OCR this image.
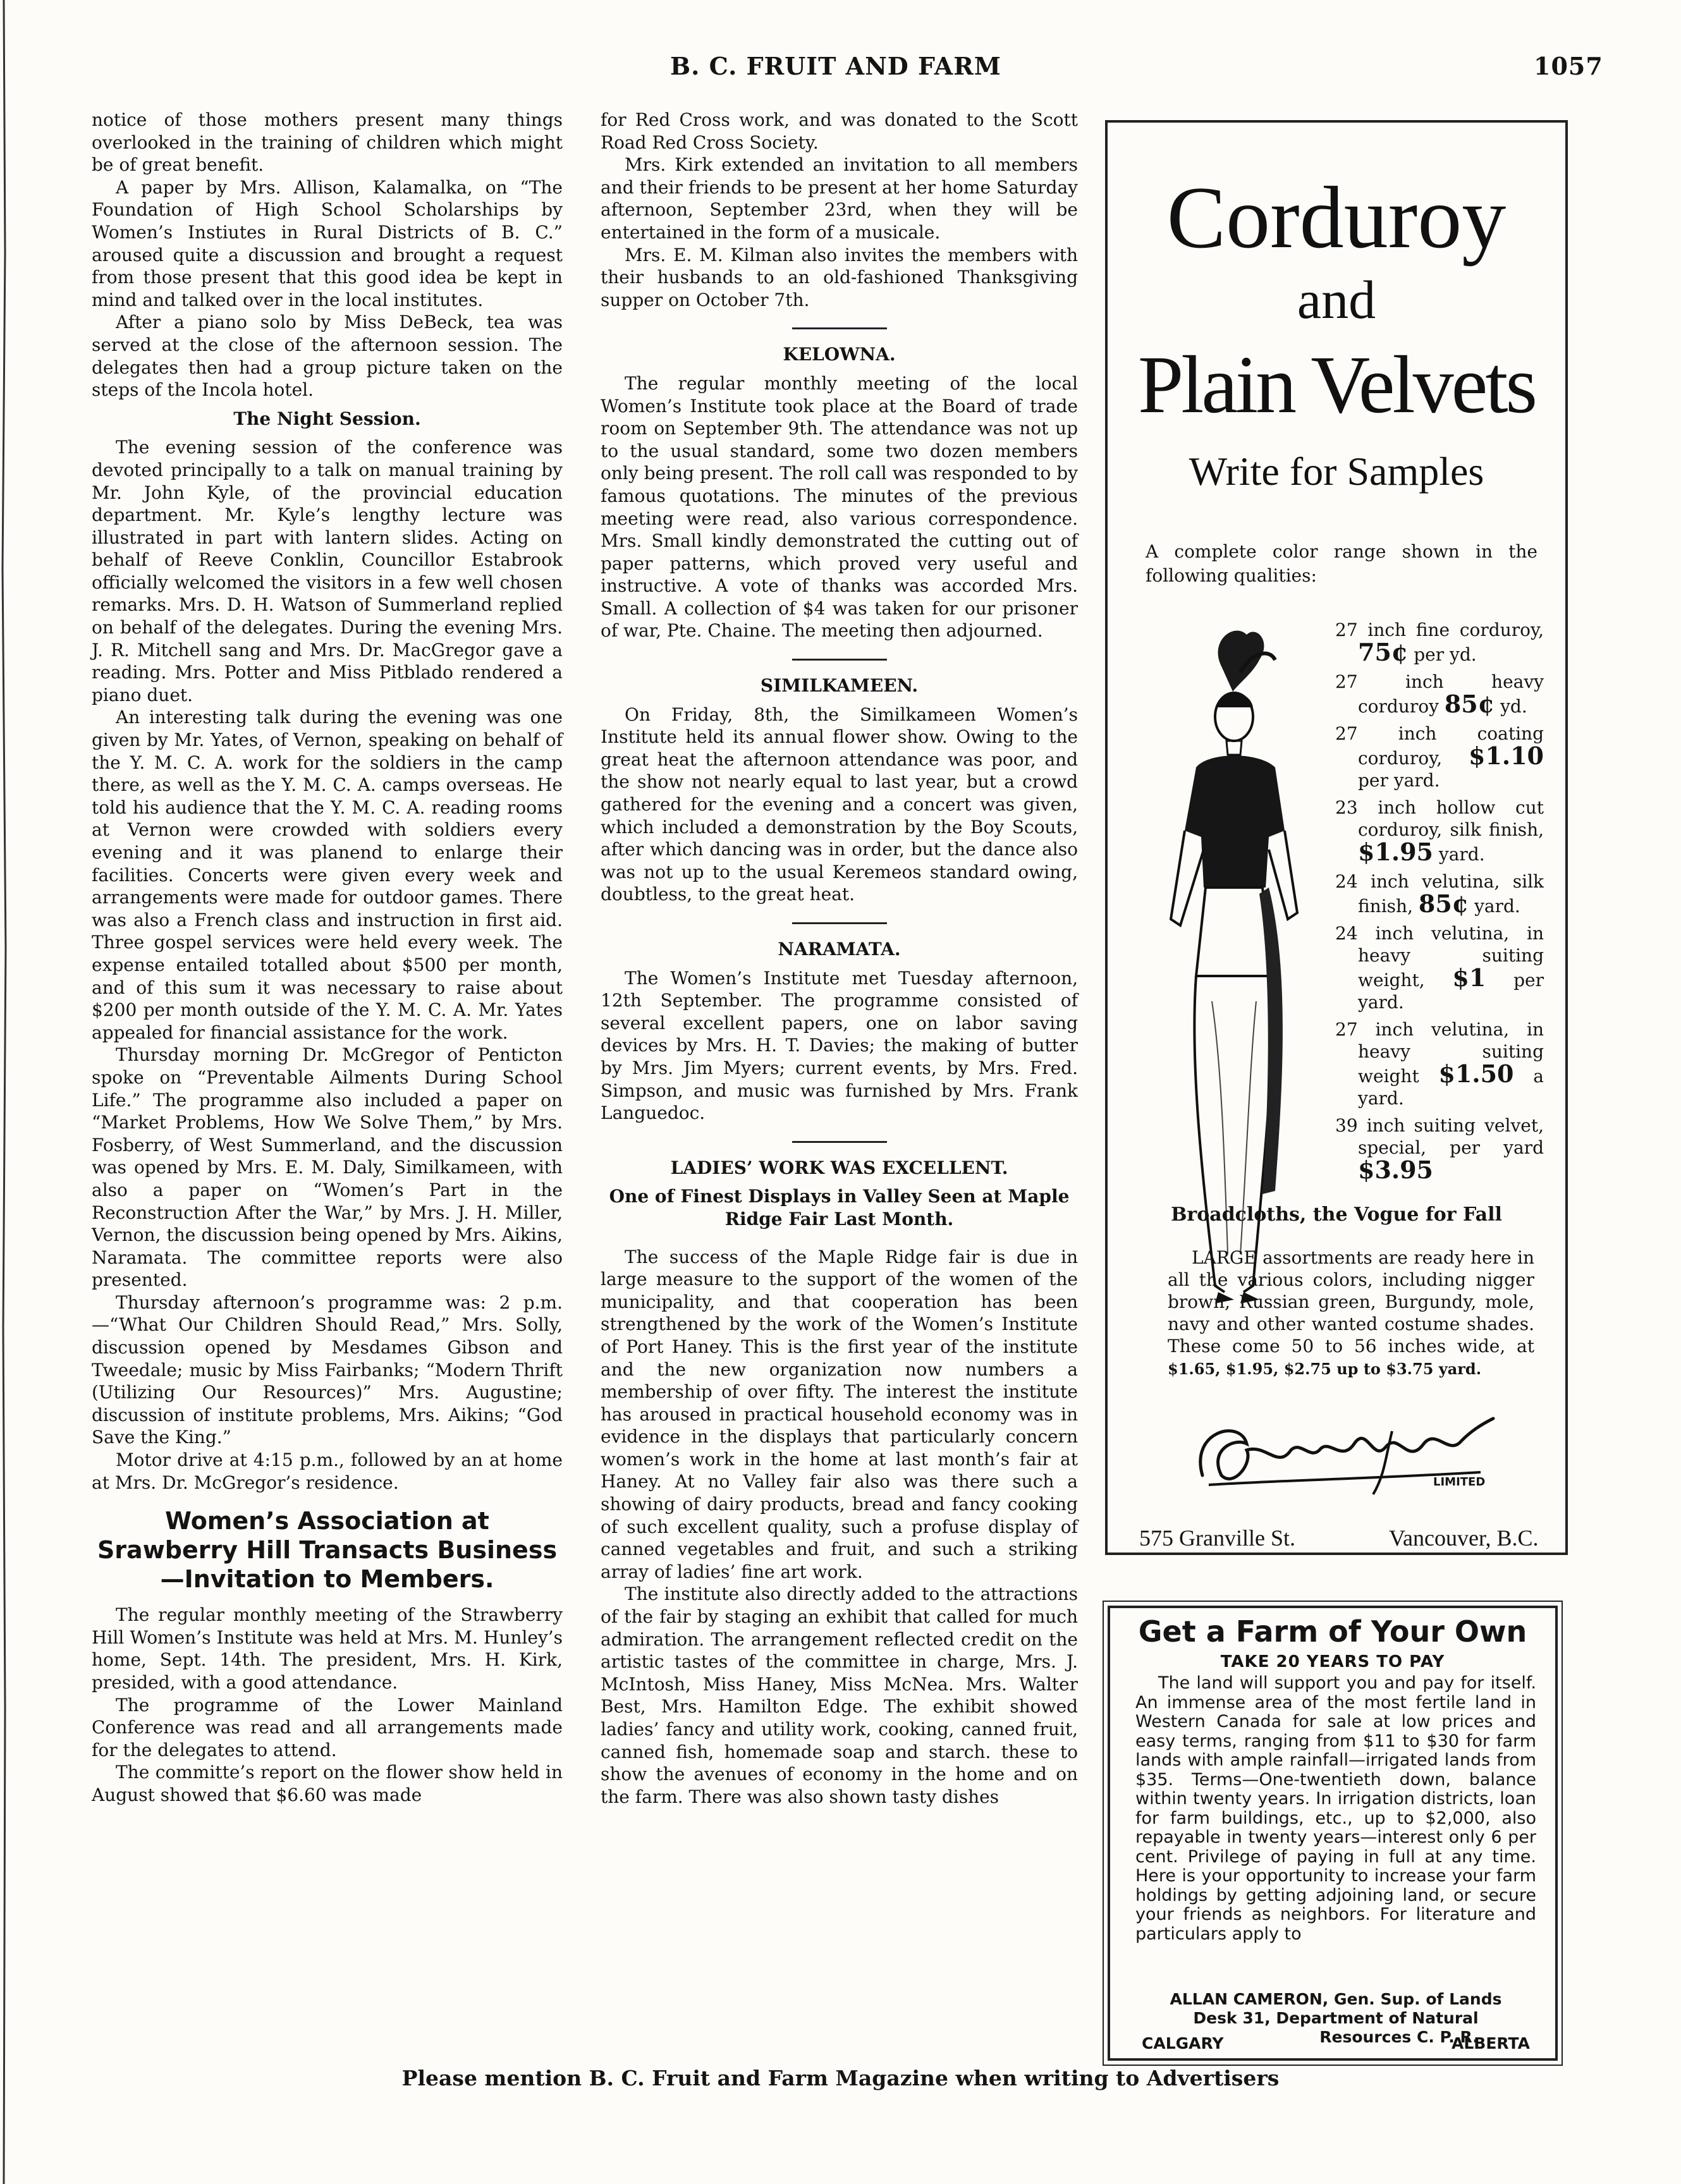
B. C. FRUIT AND FARM	1057

notice of those mothers present many things overlooked in the training of children which might be of great benefit.

A paper by Mrs. Allison, Kalamalka, on “The Foundation of High School Scholarships by Women’s Instiutes in Rural Districts of B. C.” aroused quite a discussion and brought a request from those present that this good idea be kept in mind and talked over in the local institutes.

After a piano solo by Miss DeBeck, tea was served at the close of the afternoon session. The delegates then had a group picture taken on the steps of the Incola hotel.

The Night Session.

The evening session of the conference was devoted principally to a talk on manual training by Mr. John Kyle, of the provincial education department. Mr. Kyle’s lengthy lecture was illustrated in part with lantern slides. Acting on behalf of Reeve Conklin, Councillor Estabrook officially welcomed the visitors in a few well chosen remarks. Mrs. D. H. Watson of Summerland replied on behalf of the delegates. During the evening Mrs. J. R. Mitchell sang and Mrs. Dr. MacGregor gave a reading. Mrs. Potter and Miss Pitblado rendered a piano duet.

An interesting talk during the evening was one given by Mr. Yates, of Vernon, speaking on behalf of the Y. M. C. A. work for the soldiers in the camp there, as well as the Y. M. C. A. camps overseas. He told his audience that the Y. M. C. A. reading rooms at Vernon were crowded with soldiers every evening and it was planend to enlarge their facilities. Concerts were given every week and arrangements were made for outdoor games. There was also a French class and instruction in first aid. Three gospel services were held every week. The expense entailed totalled about $500 per month, and of this sum it was necessary to raise about $200 per month outside of the Y. M. C. A. Mr. Yates appealed for financial assistance for the work.

Thursday morning Dr. McGregor of Penticton spoke on “Preventable Ailments During School Life.” The programme also included a paper on “Market Problems, How We Solve Them,” by Mrs. Fosberry, of West Summerland, and the discussion was opened by Mrs. E. M. Daly, Similkameen, with also a paper on “Women’s Part in the Reconstruction After the War,” by Mrs. J. H. Miller, Vernon, the discussion being opened by Mrs. Aikins, Naramata. The committee reports were also presented.

Thursday afternoon’s programme was: 2 p.m.—“What Our Children Should Read,” Mrs. Solly, discussion opened by Mesdames Gibson and Tweedale; music by Miss Fairbanks; “Modern Thrift (Utilizing Our Resources)” Mrs. Augustine; discussion of institute problems, Mrs. Aikins; “God Save the King.”

Motor drive at 4:15 p.m., followed by an at home at Mrs. Dr. McGregor’s residence.

Women’s Association at Srawberry Hill Transacts Business—Invitation to Members.

The regular monthly meeting of the Strawberry Hill Women’s Institute was held at Mrs. M. Hunley’s home, Sept. 14th. The president, Mrs. H. Kirk, presided, with a good attendance.

The programme of the Lower Mainland Conference was read and all arrangements made for the delegates to attend.

The committe’s report on the flower show held in August showed that $6.60 was made

for Red Cross work, and was donated to the Scott Road Red Cross Society.

Mrs. Kirk extended an invitation to all members and their friends to be present at her home Saturday afternoon, September 23rd, when they will be entertained in the form of a musicale.

Mrs. E. M. Kilman also invites the members with their husbands to an old-fashioned Thanksgiving supper on October 7th.

KELOWNA.

The regular monthly meeting of the local Women’s Institute took place at the Board of trade room on September 9th. The attendance was not up to the usual standard, some two dozen members only being present. The roll call was responded to by famous quotations. The minutes of the previous meeting were read, also various correspondence. Mrs. Small kindly demonstrated the cutting out of paper patterns, which proved very useful and instructive. A vote of thanks was accorded Mrs. Small. A collection of $4 was taken for our prisoner of war, Pte. Chaine. The meeting then adjourned.

SIMILKAMEEN.

On Friday, 8th, the Similkameen Women’s Institute held its annual flower show. Owing to the great heat the afternoon attendance was poor, and the show not nearly equal to last year, but a crowd gathered for the evening and a concert was given, which included a demonstration by the Boy Scouts, after which dancing was in order, but the dance also was not up to the usual Keremeos standard owing, doubtless, to the great heat.

NARAMATA.

The Women’s Institute met Tuesday afternoon, 12th September. The programme consisted of several excellent papers, one on labor saving devices by Mrs. H. T. Davies; the making of butter by Mrs. Jim Myers; current events, by Mrs. Fred. Simpson, and music was furnished by Mrs. Frank Languedoc.

LADIES’ WORK WAS EXCELLENT.
One of Finest Displays in Valley Seen at Maple Ridge Fair Last Month.

The success of the Maple Ridge fair is due in large measure to the support of the women of the municipality, and that cooperation has been strengthened by the work of the Women’s Institute of Port Haney. This is the first year of the institute and the new organization now numbers a membership of over fifty. The interest the institute has aroused in practical household economy was in evidence in the displays that particularly concern women’s work in the home at last month’s fair at Haney. At no Valley fair also was there such a showing of dairy products, bread and fancy cooking of such excellent quality, such a profuse display of canned vegetables and fruit, and such a striking array of ladies’ fine art work.

The institute also directly added to the attractions of the fair by staging an exhibit that called for much admiration. The arrangement reflected credit on the artistic tastes of the committee in charge, Mrs. J. McIntosh, Miss Haney, Miss McNea. Mrs. Walter Best, Mrs. Hamilton Edge. The exhibit showed ladies’ fancy and utility work, cooking, canned fruit, canned fish, homemade soap and starch. these to show the avenues of economy in the home and on the farm. There was also shown tasty dishes

Corduroy
and
Plain Velvets
Write for Samples
A complete color range shown in the following qualities:
27 inch fine corduroy, 75¢ per yd.
27 inch heavy corduroy 85¢ yd.
27 inch coating corduroy, $1.10 per yard.
23 inch hollow cut corduroy, silk finish, $1.95 yard.
24 inch velutina, silk finish, 85¢ yard.
24 inch velutina, in heavy suiting weight, $1 per yard.
27 inch velutina, in heavy suiting weight $1.50 a yard.
39 inch suiting velvet, special, per yard $3.95
Broadcloths, the Vogue for Fall
LARGE assortments are ready here in all the various colors, including nigger brown, Russian green, Burgundy, mole, navy and other wanted costume shades. These come 50 to 56 inches wide, at $1.65, $1.95, $2.75 up to $3.75 yard.
LIMITED
575 Granville St.	Vancouver, B.C.
Get a Farm of Your Own
TAKE 20 YEARS TO PAY
The land will support you and pay for itself. An immense area of the most fertile land in Western Canada for sale at low prices and easy terms, ranging from $11 to $30 for farm lands with ample rainfall—irrigated lands from $35. Terms—One-twentieth down, balance within twenty years. In irrigation districts, loan for farm buildings, etc., up to $2,000, also repayable in twenty years—interest only 6 per cent. Privilege of paying in full at any time. Here is your opportunity to increase your farm holdings by getting adjoining land, or secure your friends as neighbors. For literature and particulars apply to
ALLAN CAMERON, Gen. Sup. of Lands
Desk 31, Department of Natural
Resources C. P. R.
CALGARY	ALBERTA
Please mention B. C. Fruit and Farm Magazine when writing to Advertisers
